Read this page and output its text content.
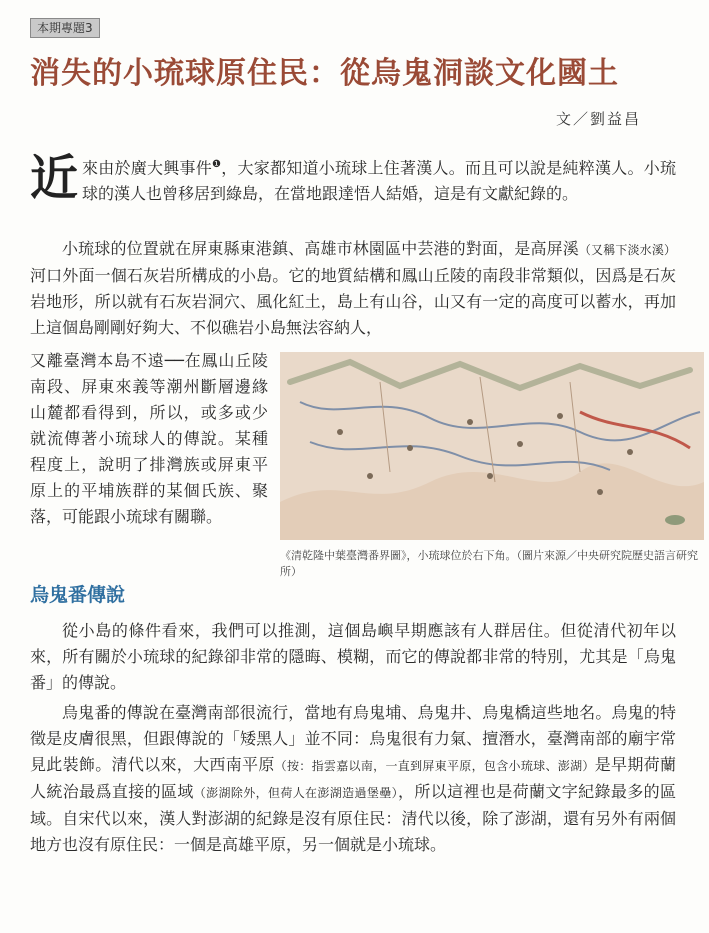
本期專題3
消失的小琉球原住民：從烏鬼洞談文化國土
文／劉益昌

近來由於廣大興事件$^❶$，大家都知道小琉球上住著漢人。而且可以說是純粹漢人。小琉球的漢人也曾移居到綠島，在當地跟達悟人結婚，這是有文獻紀錄的。

小琉球的位置就在屏東縣東港鎮、高雄市林園區中芸港的對面，是高屏溪（又稱下淡水溪）河口外面一個石灰岩所構成的小島。它的地質結構和鳳山丘陵的南段非常類似，因爲是石灰岩地形，所以就有石灰岩洞穴、風化紅土，島上有山谷，山又有一定的高度可以蓄水，再加上這個島剛剛好夠大、不似礁岩小島無法容納人，

又離臺灣本島不遠──在鳳山丘陵南段、屏東來義等潮州斷層邊緣山麓都看得到，所以，或多或少就流傳著小琉球人的傳說。某種程度上，說明了排灣族或屏東平原上的平埔族群的某個氏族、聚落，可能跟小琉球有關聯。

《清乾隆中葉臺灣番界圖》，小琉球位於右下角。（圖片來源／中央研究院歷史語言研究所）
烏鬼番傳說

從小島的條件看來，我們可以推測，這個島嶼早期應該有人群居住。但從清代初年以來，所有關於小琉球的紀錄卻非常的隱晦、模糊，而它的傳說都非常的特別，尤其是「烏鬼番」的傳說。

烏鬼番的傳說在臺灣南部很流行，當地有烏鬼埔、烏鬼井、烏鬼橋這些地名。烏鬼的特徵是皮膚很黑，但跟傳說的「矮黑人」並不同：烏鬼很有力氣、擅潛水，臺灣南部的廟宇常見此裝飾。清代以來，大西南平原（按：指雲嘉以南，一直到屏東平原，包含小琉球、澎湖）是早期荷蘭人統治最爲直接的區域（澎湖除外，但荷人在澎湖造過堡壘），所以這裡也是荷蘭文字紀錄最多的區域。自宋代以來，漢人對澎湖的紀錄是沒有原住民：清代以後，除了澎湖，還有另外有兩個地方也沒有原住民：一個是高雄平原，另一個就是小琉球。
